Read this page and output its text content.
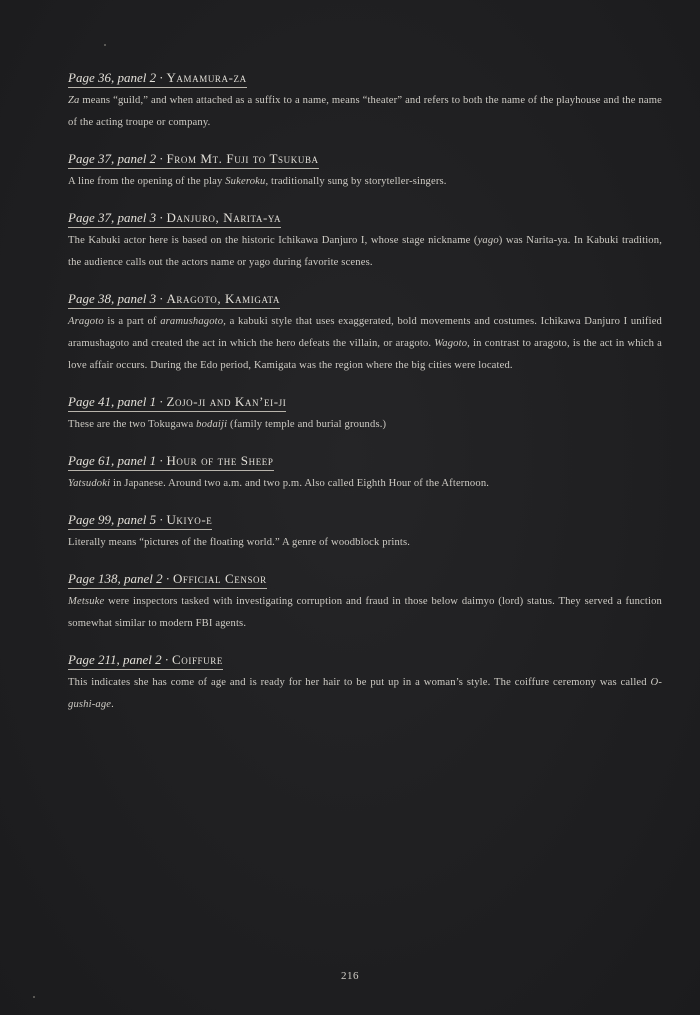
Page 36, panel 2 · Yamamura-za

Za means “guild,” and when attached as a suffix to a name, means “theater” and refers to both the name of the playhouse and the name of the acting troupe or company.

Page 37, panel 2 · From Mt. Fuji to Tsukuba

A line from the opening of the play Sukeroku, traditionally sung by storyteller-singers.

Page 37, panel 3 · Danjuro, Narita-ya

The Kabuki actor here is based on the historic Ichikawa Danjuro I, whose stage nickname (yago) was Narita-ya. In Kabuki tradition, the audience calls out the actors name or yago during favorite scenes.

Page 38, panel 3 · Aragoto, Kamigata

Aragoto is a part of aramushagoto, a kabuki style that uses exaggerated, bold movements and costumes. Ichikawa Danjuro I unified aramushagoto and created the act in which the hero defeats the villain, or aragoto. Wagoto, in contrast to aragoto, is the act in which a love affair occurs. During the Edo period, Kamigata was the region where the big cities were located.

Page 41, panel 1 · Zojo-ji and Kan’ei-ji

These are the two Tokugawa bodaiji (family temple and burial grounds.)

Page 61, panel 1 · Hour of the Sheep

Yatsudoki in Japanese. Around two a.m. and two p.m. Also called Eighth Hour of the Afternoon.

Page 99, panel 5 · Ukiyo-e

Literally means “pictures of the floating world.” A genre of woodblock prints.

Page 138, panel 2 · Official Censor

Metsuke were inspectors tasked with investigating corruption and fraud in those below daimyo (lord) status. They served a function somewhat similar to modern FBI agents.

Page 211, panel 2 · Coiffure

This indicates she has come of age and is ready for her hair to be put up in a woman’s style. The coiffure ceremony was called O-gushi-age.

216
